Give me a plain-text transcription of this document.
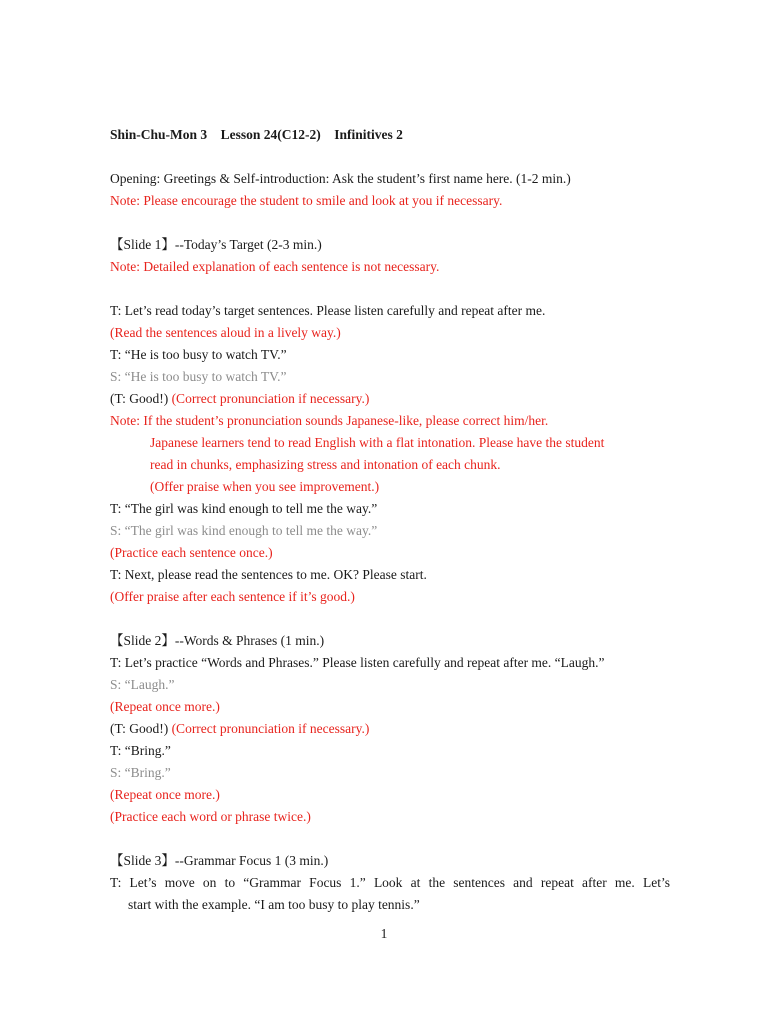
Shin-Chu-Mon 3　Lesson 24(C12-2)　Infinitives 2
Opening: Greetings & Self-introduction: Ask the student’s first name here. (1-2 min.)
Note: Please encourage the student to smile and look at you if necessary.
【Slide 1】--Today’s Target (2-3 min.)
Note: Detailed explanation of each sentence is not necessary.
T: Let’s read today’s target sentences. Please listen carefully and repeat after me.
(Read the sentences aloud in a lively way.)
T: “He is too busy to watch TV.”
S: “He is too busy to watch TV.”
(T: Good!) (Correct pronunciation if necessary.)
Note: If the student’s pronunciation sounds Japanese-like, please correct him/her.
Japanese learners tend to read English with a flat intonation. Please have the student
read in chunks, emphasizing stress and intonation of each chunk.
(Offer praise when you see improvement.)
T: “The girl was kind enough to tell me the way.”
S: “The girl was kind enough to tell me the way.”
(Practice each sentence once.)
T: Next, please read the sentences to me. OK? Please start.
(Offer praise after each sentence if it’s good.)
【Slide 2】--Words & Phrases (1 min.)
T: Let’s practice “Words and Phrases.” Please listen carefully and repeat after me. “Laugh.”
S: “Laugh.”
(Repeat once more.)
(T: Good!) (Correct pronunciation if necessary.)
T: “Bring.”
S: “Bring.”
(Repeat once more.)
(Practice each word or phrase twice.)
【Slide 3】--Grammar Focus 1 (3 min.)
T: Let’s move on to “Grammar Focus 1.” Look at the sentences and repeat after me. Let’s
start with the example. “I am too busy to play tennis.”
1
